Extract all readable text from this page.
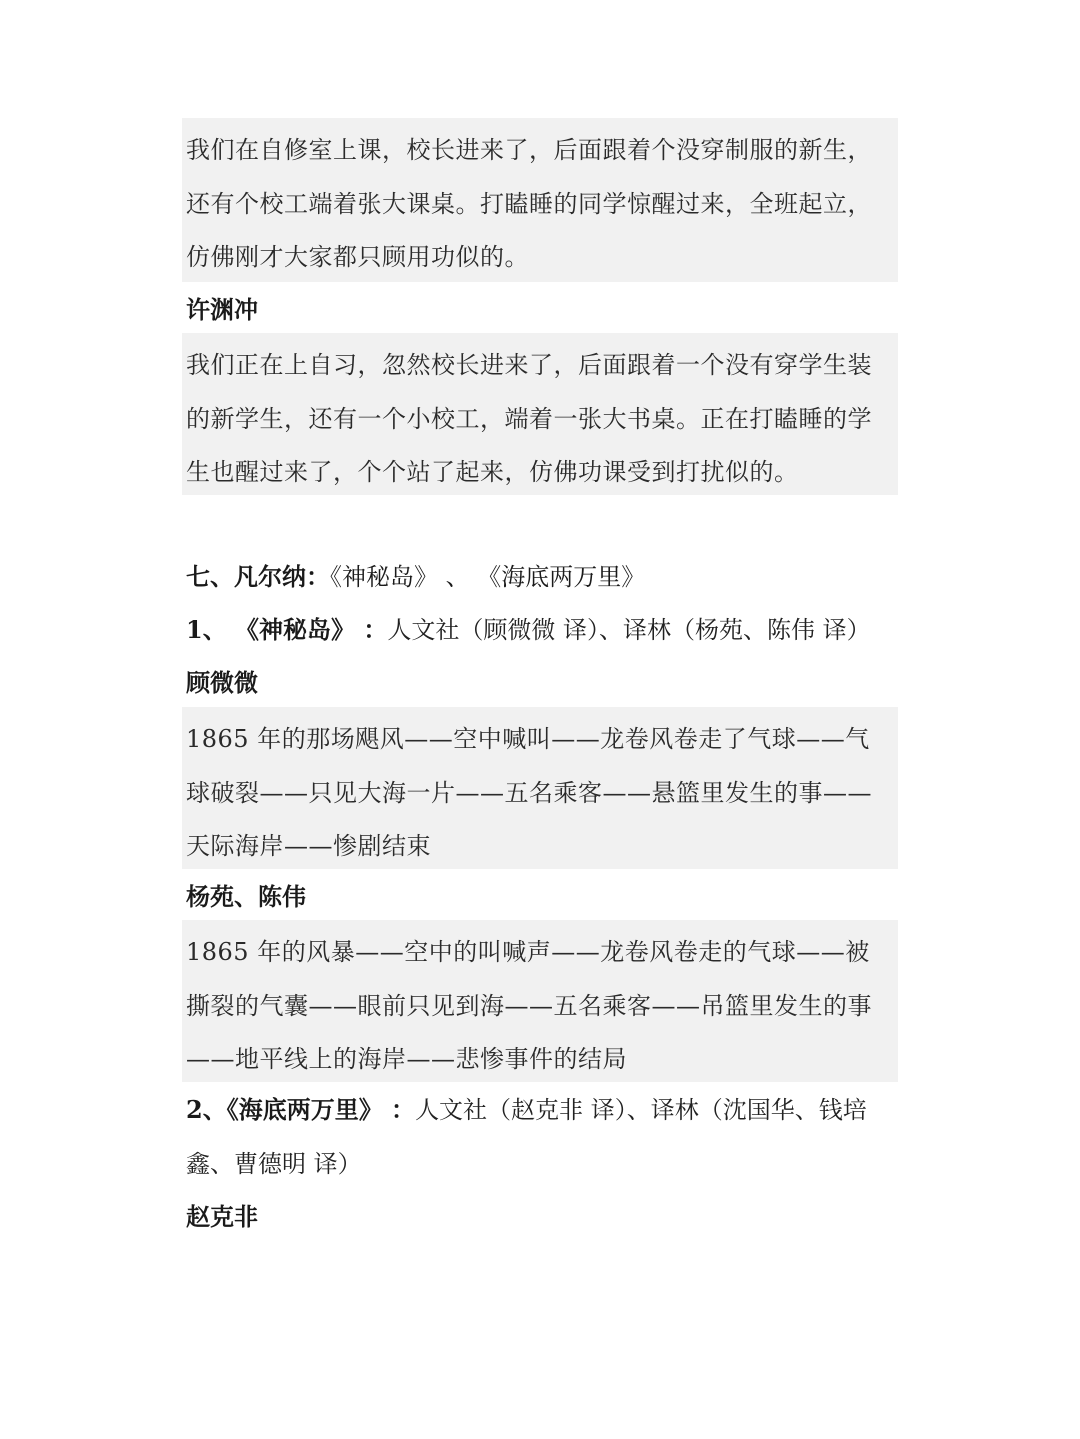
我们在自修室上课，校长进来了，后面跟着个没穿制服的新生，还有个校工端着张大课桌。打瞌睡的同学惊醒过来，全班起立，仿佛刚才大家都只顾用功似的。
许渊冲
我们正在上自习，忽然校长进来了，后面跟着一个没有穿学生装的新学生，还有一个小校工，端着一张大书桌。正在打瞌睡的学生也醒过来了，个个站了起来，仿佛功课受到打扰似的。
七、凡尔纳：《神秘岛》 、 《海底两万里》
1、 《神秘岛》 ：人文社（顾微微 译）、译林（杨苑、陈伟 译）
顾微微
1865 年的那场飓风——空中喊叫——龙卷风卷走了气球——气球破裂——只见大海一片——五名乘客——悬篮里发生的事——天际海岸——惨剧结束
杨苑、陈伟
1865 年的风暴——空中的叫喊声——龙卷风卷走的气球——被撕裂的气囊——眼前只见到海——五名乘客——吊篮里发生的事——地平线上的海岸——悲惨事件的结局
2、《海底两万里》 ：人文社（赵克非 译）、译林（沈国华、钱培鑫、曹德明 译）
赵克非
